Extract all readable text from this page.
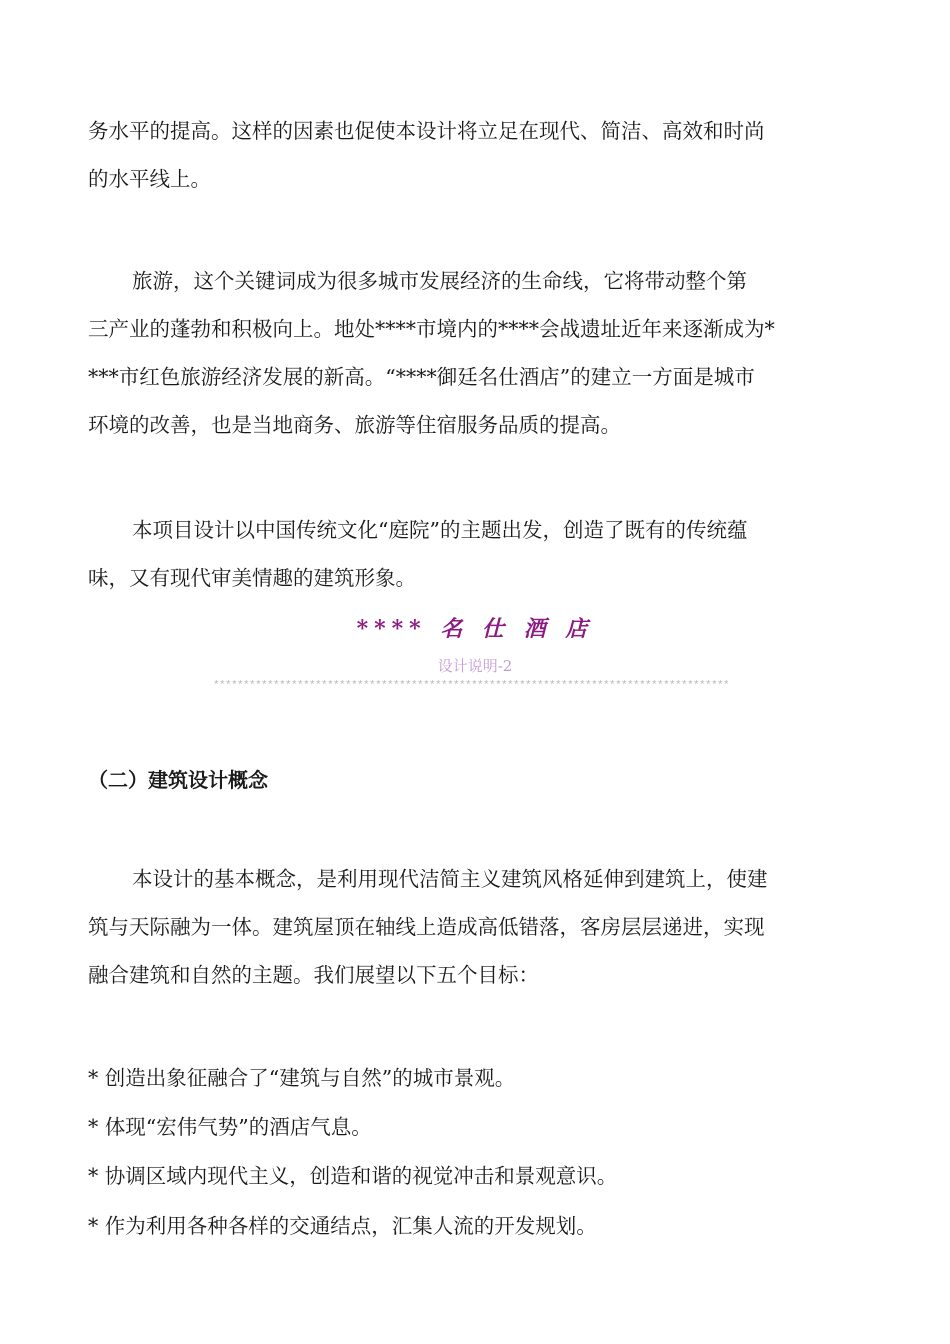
务水平的提高。这样的因素也促使本设计将立足在现代、简洁、高效和时尚
的水平线上。

旅游，这个关键词成为很多城市发展经济的生命线，它将带动整个第
三产业的蓬勃和积极向上。地处****市境内的****会战遗址近年来逐渐成为*
***市红色旅游经济发展的新高。“****御廷名仕酒店”的建立一方面是城市
环境的改善，也是当地商务、旅游等住宿服务品质的提高。

本项目设计以中国传统文化“庭院”的主题出发，创造了既有的传统蕴
味，又有现代审美情趣的建筑形象。

**** 名 仕 酒 店
设计说明-2
**************************************************************************************
（二）建筑设计概念

本设计的基本概念，是利用现代洁简主义建筑风格延伸到建筑上，使建
筑与天际融为一体。建筑屋顶在轴线上造成高低错落，客房层层递进，实现
融合建筑和自然的主题。我们展望以下五个目标：

* 创造出象征融合了“建筑与自然”的城市景观。
* 体现“宏伟气势”的酒店气息。
* 协调区域内现代主义，创造和谐的视觉冲击和景观意识。
* 作为利用各种各样的交通结点，汇集人流的开发规划。
